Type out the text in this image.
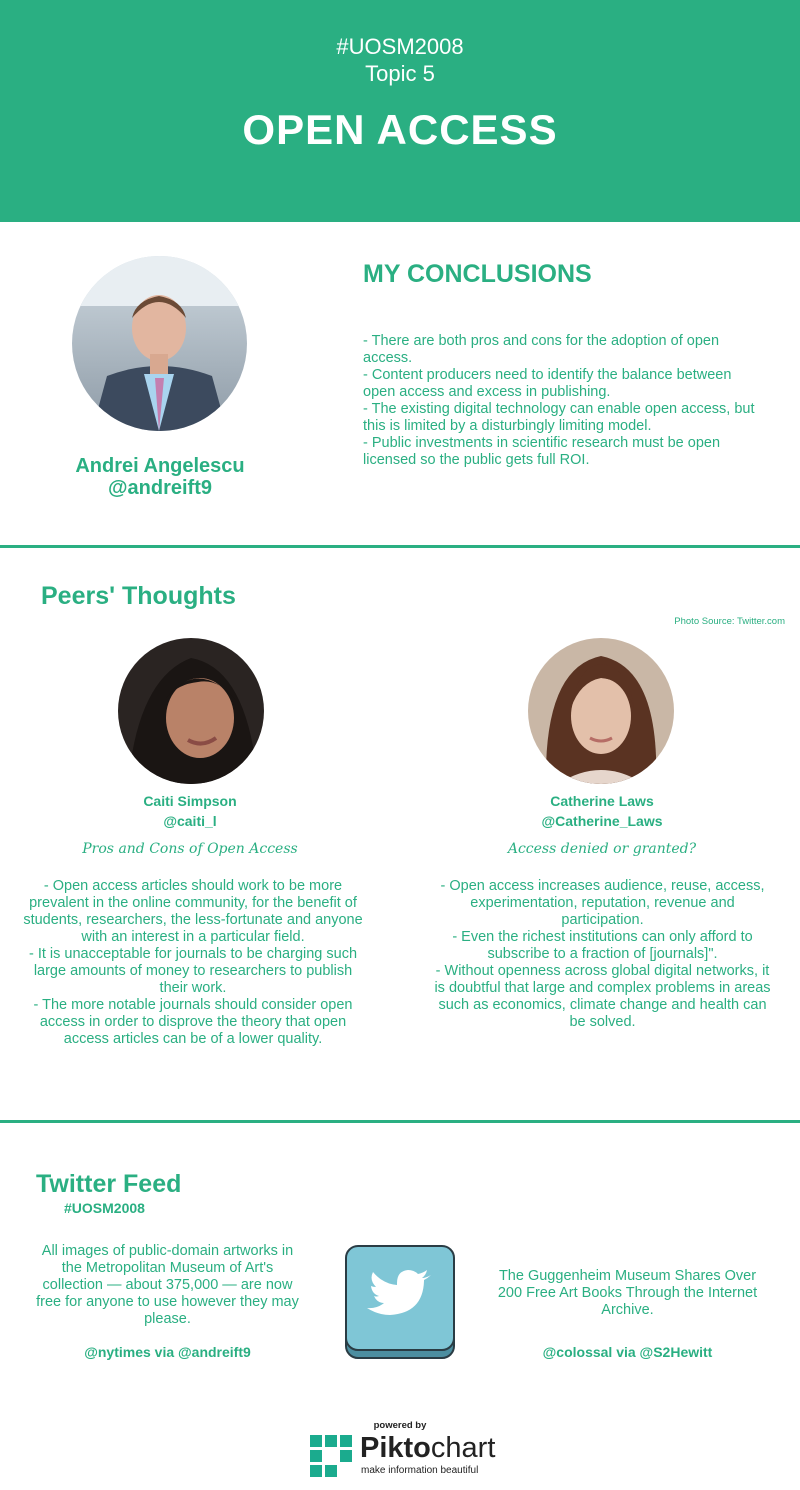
#UOSM2008
Topic 5
OPEN ACCESS
Andrei Angelescu
@andreift9
MY CONCLUSIONS
- There are both pros and cons for the adoption of open access.
- Content producers need to identify the balance between open access and excess in publishing.
- The existing digital technology can enable open access, but this is limited by a disturbingly limiting model.
- Public investments in scientific research must be open licensed so the public gets full ROI.
Peers' Thoughts
Photo Source: Twitter.com
Caiti Simpson
@caiti_l
Pros and Cons of Open Access
- Open access articles should work to be more prevalent in the online community, for the benefit of students, researchers, the less-fortunate and anyone with an interest in a particular field.
- It is unacceptable for journals to be charging such large amounts of money to researchers to publish their work.
- The more notable journals should consider open access in order to disprove the theory that open access articles can be of a lower quality.
Catherine Laws
@Catherine_Laws
Access denied or granted?
- Open access increases audience, reuse, access, experimentation, reputation, revenue and participation.
- Even the richest institutions can only afford to subscribe to a fraction of [journals]".
- Without openness across global digital networks, it is doubtful that large and complex problems in areas such as economics, climate change and health can be solved.
Twitter Feed
#UOSM2008
All images of public-domain artworks in the Metropolitan Museum of Art's collection — about 375,000 — are now free for anyone to use however they may please.
@nytimes via @andreift9
The Guggenheim Museum Shares Over 200 Free Art Books Through the Internet Archive.
@colossal via @S2Hewitt
powered by
Piktochart
make information beautiful
